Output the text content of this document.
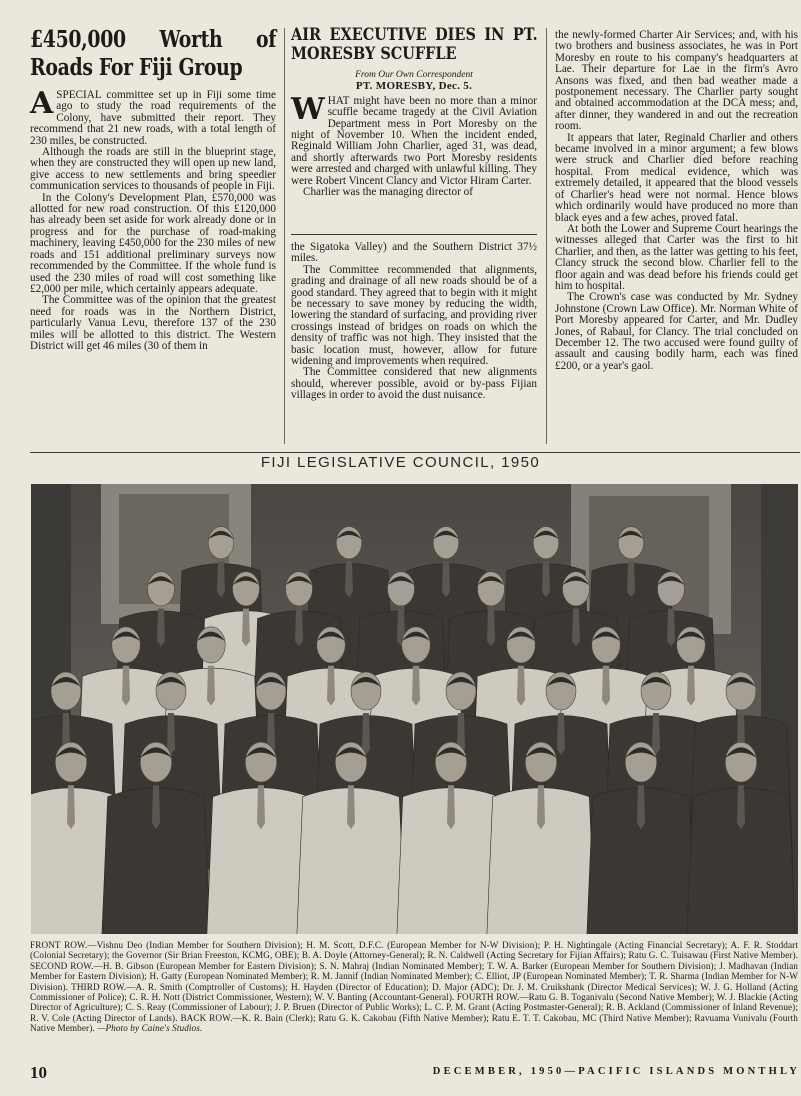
£450,000 Worth of Roads For Fiji Group

ASPECIAL committee set up in Fiji some time ago to study the road requirements of the Colony, have submitted their report. They recommend that 21 new roads, with a total length of 230 miles, be constructed.

Although the roads are still in the blueprint stage, when they are constructed they will open up new land, give access to new settlements and bring speedier communication services to thousands of people in Fiji.

In the Colony's Development Plan, £570,000 was allotted for new road construction. Of this £120,000 has already been set aside for work already done or in progress and for the purchase of road-making machinery, leaving £450,000 for the 230 miles of new roads and 151 additional preliminary surveys now recommended by the Committee. If the whole fund is used the 230 miles of road will cost something like £2,000 per mile, which certainly appears adequate.

The Committee was of the opinion that the greatest need for roads was in the Northern District, particularly Vanua Levu, therefore 137 of the 230 miles will be allotted to this district. The Western District will get 46 miles (30 of them in

AIR EXECUTIVE DIES IN PT. MORESBY SCUFFLE

From Our Own Correspondent

PT. MORESBY, Dec. 5.

WHAT might have been no more than a minor scuffle became tragedy at the Civil Aviation Department mess in Port Moresby on the night of November 10. When the incident ended, Reginald William John Charlier, aged 31, was dead, and shortly afterwards two Port Moresby residents were arrested and charged with unlawful killing. They were Robert Vincent Clancy and Victor Hiram Carter.

Charlier was the managing director of

the Sigatoka Valley) and the Southern District 37½ miles.

The Committee recommended that alignments, grading and drainage of all new roads should be of a good standard. They agreed that to begin with it might be necessary to save money by reducing the width, lowering the standard of surfacing, and providing river crossings instead of bridges on roads on which the density of traffic was not high. They insisted that the basic location must, however, allow for future widening and improvements when required.

The Committee considered that new alignments should, wherever possible, avoid or by-pass Fijian villages in order to avoid the dust nuisance.

the newly-formed Charter Air Services; and, with his two brothers and business associates, he was in Port Moresby en route to his company's headquarters at Lae. Their departure for Lae in the firm's Avro Ansons was fixed, and then bad weather made a postponement necessary. The Charlier party sought and obtained accommodation at the DCA mess; and, after dinner, they wandered in and out the recreation room.

It appears that later, Reginald Charlier and others became involved in a minor argument; a few blows were struck and Charlier died before reaching hospital. From medical evidence, which was extremely detailed, it appeared that the blood vessels of Charlier's head were not normal. Hence blows which ordinarily would have produced no more than black eyes and a few aches, proved fatal.

At both the Lower and Supreme Court hearings the witnesses alleged that Carter was the first to hit Charlier, and then, as the latter was getting to his feet, Clancy struck the second blow. Charlier fell to the floor again and was dead before his friends could get him to hospital.

The Crown's case was conducted by Mr. Sydney Johnstone (Crown Law Office). Mr. Norman White of Port Moresby appeared for Carter, and Mr. Dudley Jones, of Rabaul, for Clancy. The trial concluded on December 12. The two accused were found guilty of assault and causing bodily harm, each was fined £200, or a year's gaol.

FIJI LEGISLATIVE COUNCIL, 1950
FRONT ROW.—Vishnu Deo (Indian Member for Southern Division); H. M. Scott, D.F.C. (European Member for N-W Division); P. H. Nightingale (Acting Financial Secretary); A. F. R. Stoddart (Colonial Secretary); the Governor (Sir Brian Freeston, KCMG, OBE); B. A. Doyle (Attorney-General); R. N. Caldwell (Acting Secretary for Fijian Affairs); Ratu G. C. Tuisawau (First Native Member). SECOND ROW.—H. B. Gibson (European Member for Eastern Division); S. N. Mahraj (Indian Nominated Member); T. W. A. Barker (European Member for Southern Division); J. Madhavan (Indian Member for Eastern Division); H. Gatty (European Nominated Member); R. M. Jannif (Indian Nominated Member); C. Elliot, JP (European Nominated Member); T. R. Sharma (Indian Member for N-W Division). THIRD ROW.—A. R. Smith (Comptroller of Customs); H. Hayden (Director of Education); D. Major (ADC); Dr. J. M. Cruikshank (Director Medical Services); W. J. G. Holland (Acting Commissioner of Police); C. R. H. Nott (District Commissioner, Western); W. V. Banting (Accountant-General). FOURTH ROW.—Ratu G. B. Toganivalu (Second Native Member); W. J. Blackie (Acting Director of Agriculture); C. S. Reay (Commissioner of Labour); J. P. Bruen (Director of Public Works); L. C. P. M. Grant (Acting Postmaster-General); R. B. Ackland (Commissioner of Inland Revenue); R. V. Cole (Acting Director of Lands). BACK ROW.—K. R. Bain (Clerk); Ratu G. K. Cakobau (Fifth Native Member); Ratu E. T. T. Cakobau, MC (Third Native Member); Ravuama Vunivalu (Fourth Native Member). —Photo by Caine's Studios.
10	DECEMBER, 1950—PACIFIC ISLANDS MONTHLY
